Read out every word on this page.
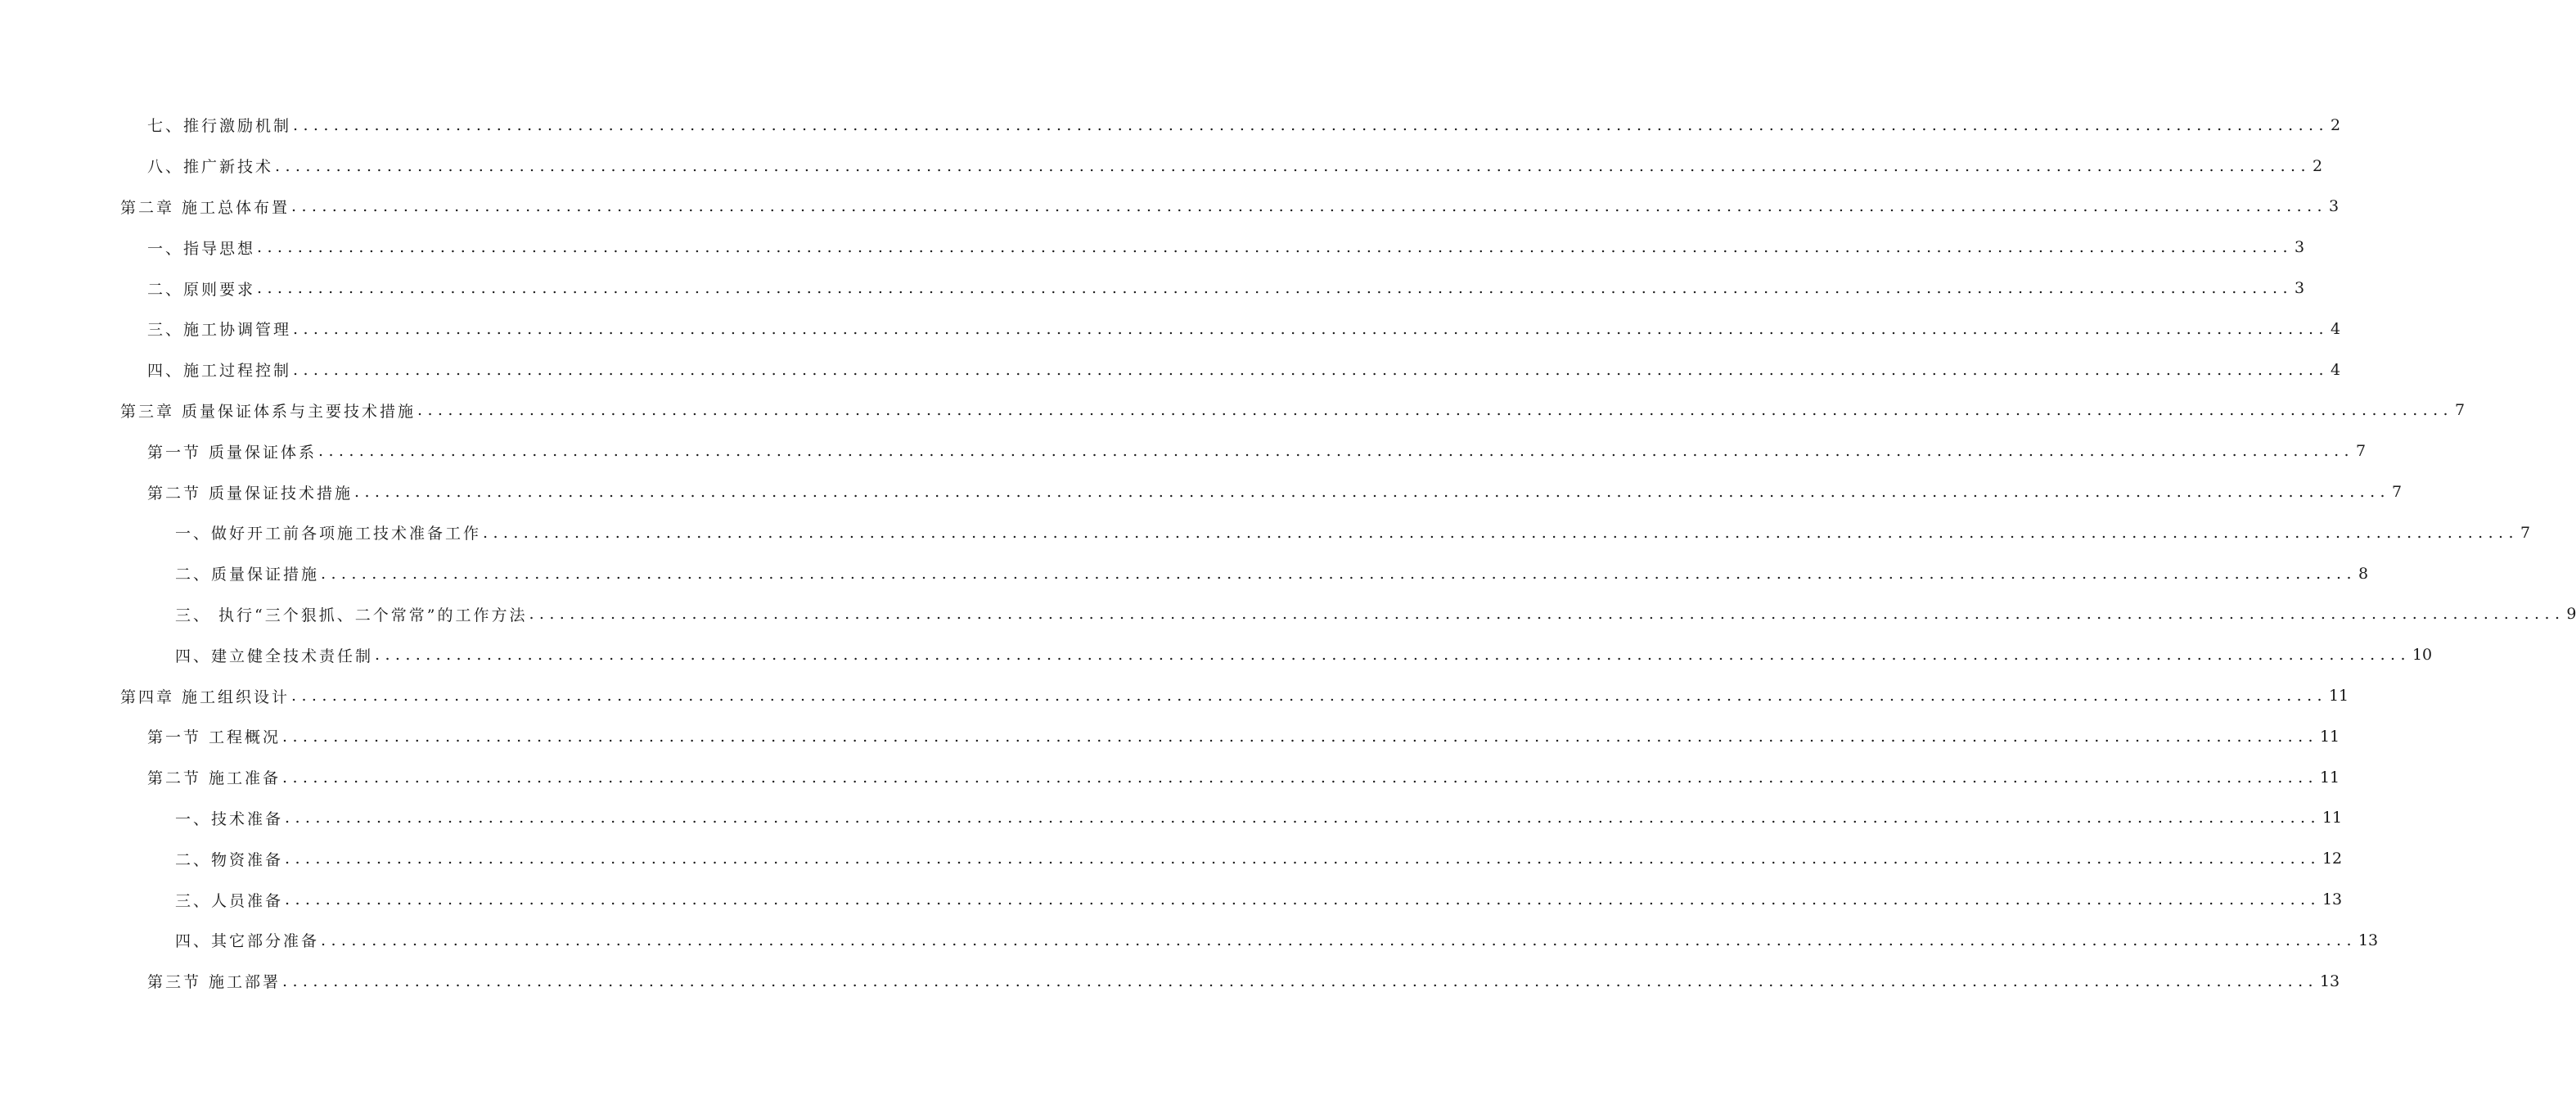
七、推行激励机制 ........................................................................................................................................................................................................ 2
八、推广新技术 ........................................................................................................................................................................................................ 2
第二章 施工总体布置 ........................................................................................................................................................................................................ 3
一、指导思想 ........................................................................................................................................................................................................ 3
二、原则要求 ........................................................................................................................................................................................................ 3
三、施工协调管理 ........................................................................................................................................................................................................ 4
四、施工过程控制 ........................................................................................................................................................................................................ 4
第三章 质量保证体系与主要技术措施 ........................................................................................................................................................................................................ 7
第一节 质量保证体系 ........................................................................................................................................................................................................ 7
第二节 质量保证技术措施 ........................................................................................................................................................................................................ 7
一、做好开工前各项施工技术准备工作 ........................................................................................................................................................................................................ 7
二、质量保证措施 ........................................................................................................................................................................................................ 8
三、 执行“三个狠抓、二个常常”的工作方法 ........................................................................................................................................................................................................ 9
四、建立健全技术责任制 ........................................................................................................................................................................................................ 10
第四章 施工组织设计 ........................................................................................................................................................................................................ 11
第一节 工程概况 ........................................................................................................................................................................................................ 11
第二节 施工准备 ........................................................................................................................................................................................................ 11
一、技术准备 ........................................................................................................................................................................................................ 11
二、物资准备 ........................................................................................................................................................................................................ 12
三、人员准备 ........................................................................................................................................................................................................ 13
四、其它部分准备 ........................................................................................................................................................................................................ 13
第三节 施工部署 ........................................................................................................................................................................................................ 13
